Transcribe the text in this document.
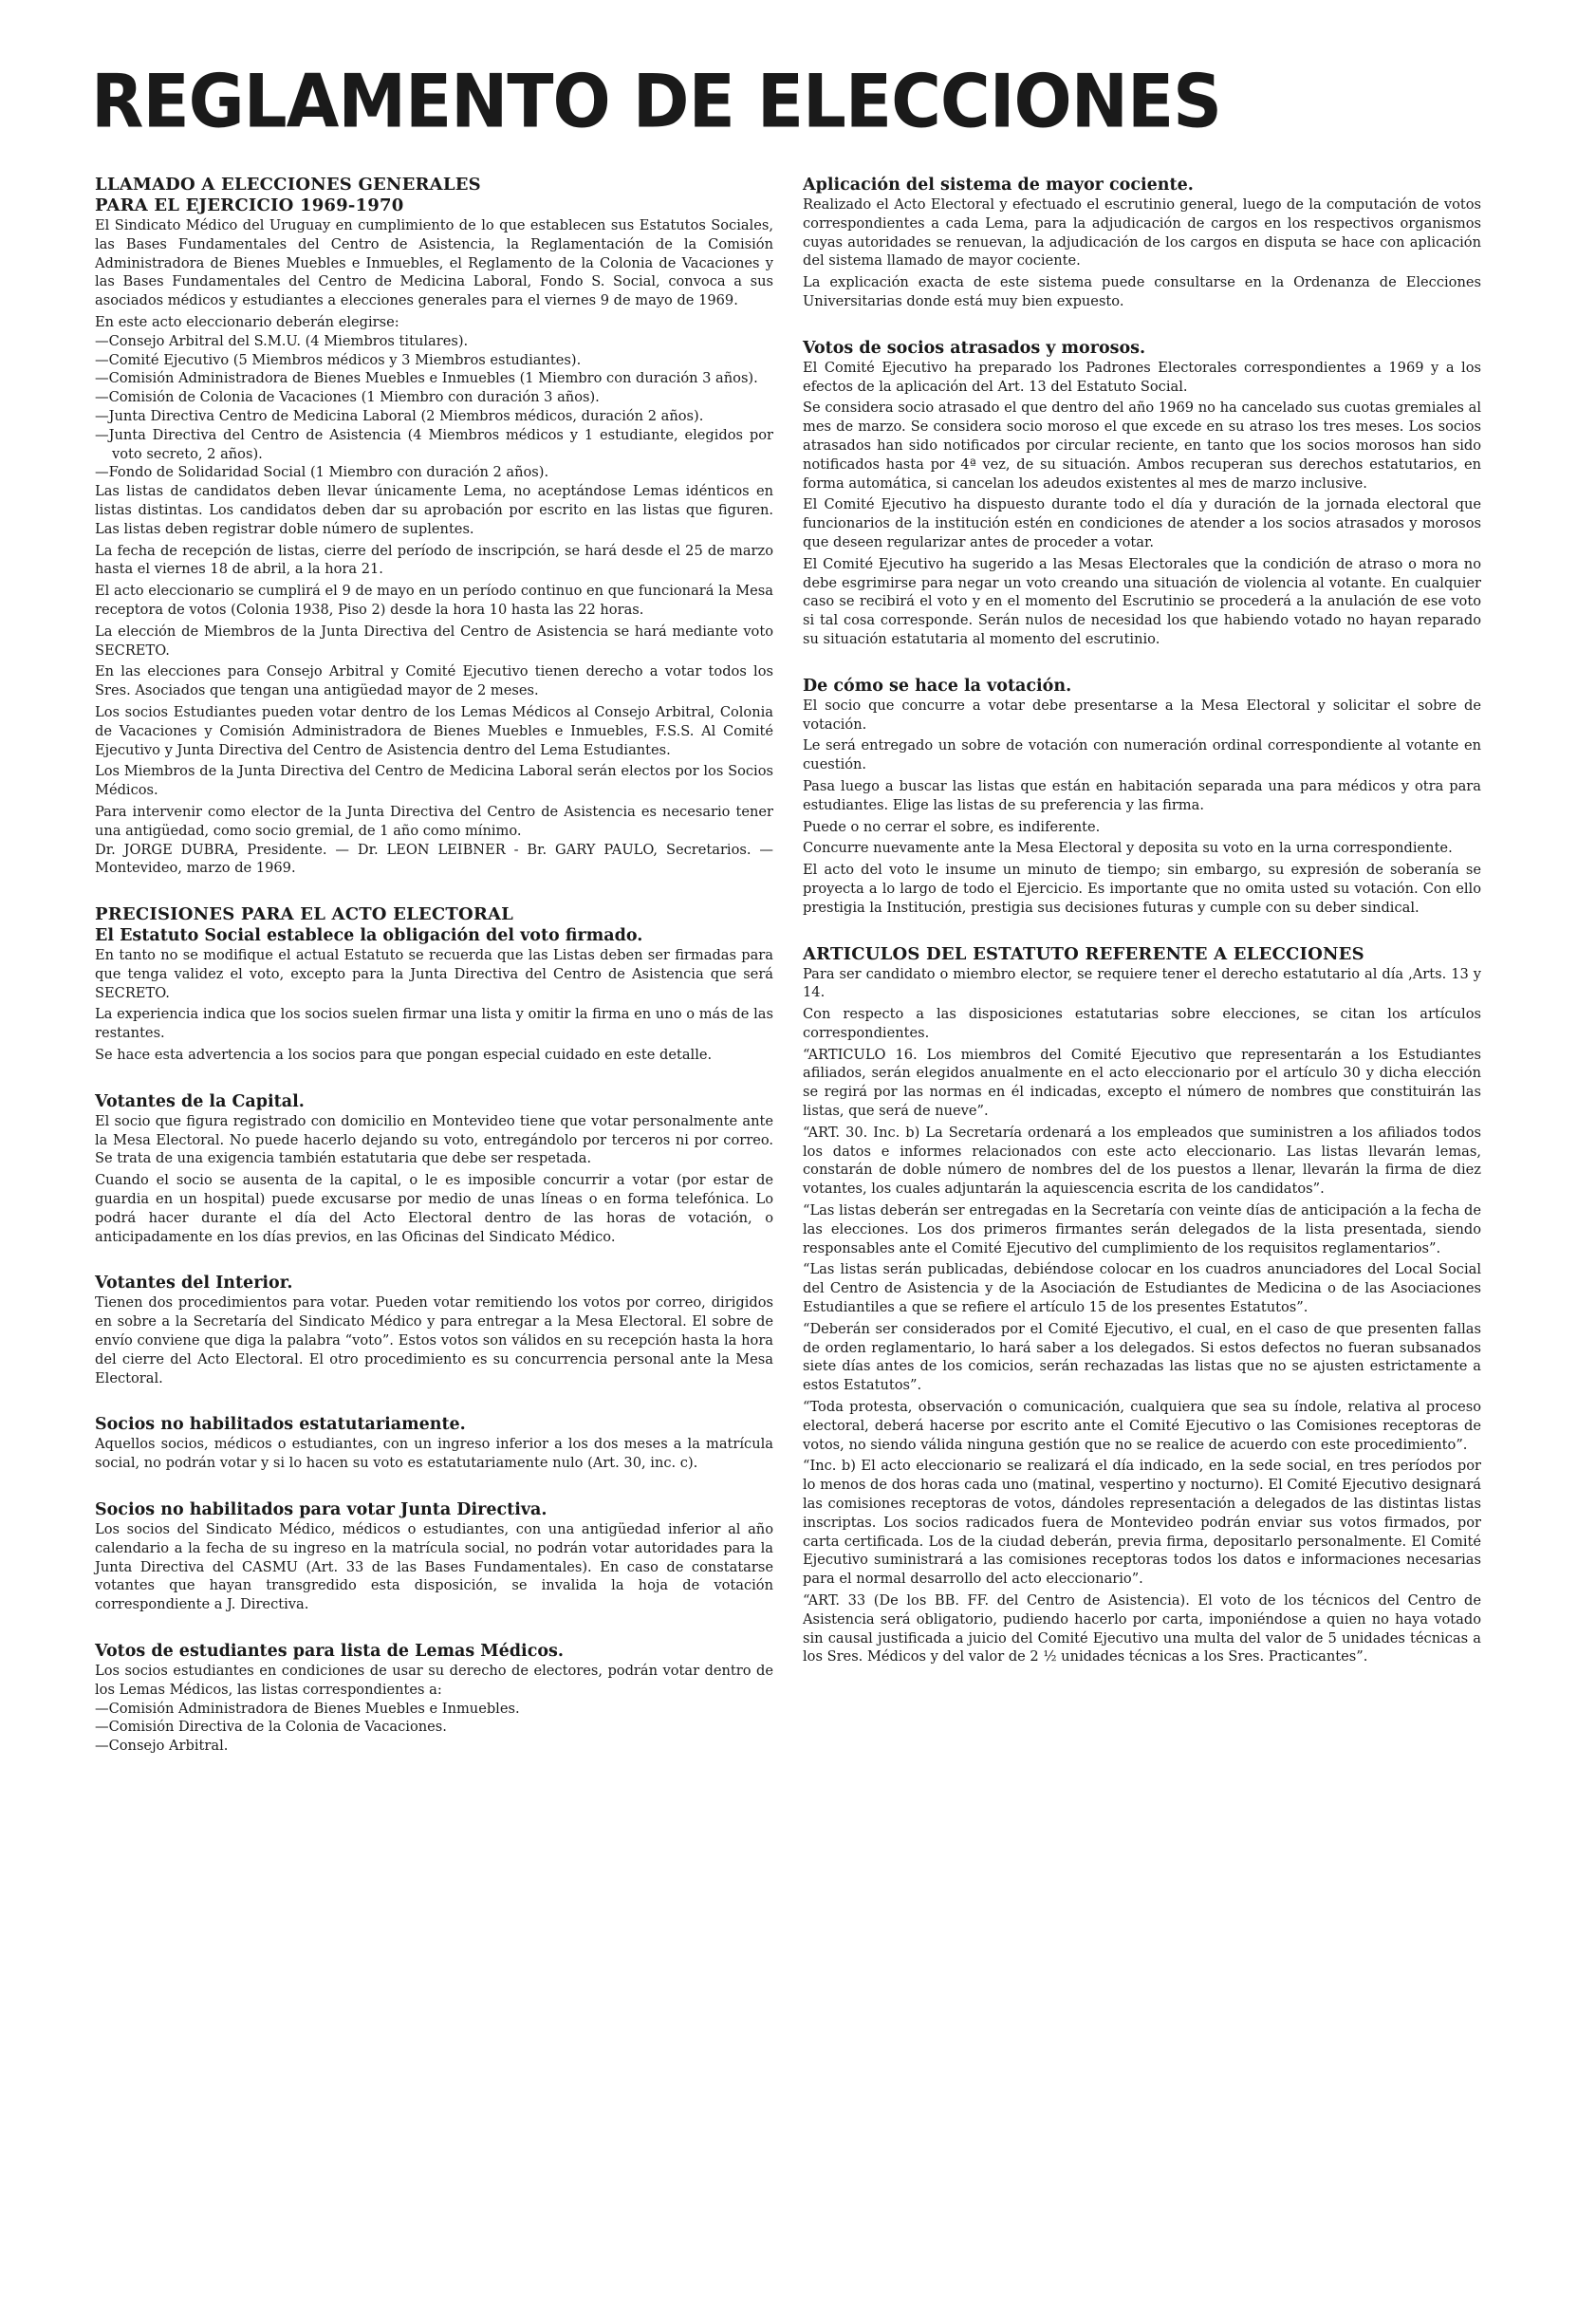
REGLAMENTO DE ELECCIONES
LLAMADO A ELECCIONES GENERALES
PARA EL EJERCICIO 1969-1970

El Sindicato Médico del Uruguay en cumplimiento de lo que establecen sus Estatutos Sociales, las Bases Fundamentales del Centro de Asistencia, la Reglamentación de la Comisión Administradora de Bienes Muebles e Inmuebles, el Reglamento de la Colonia de Vacaciones y las Bases Fundamentales del Centro de Medicina Laboral, Fondo S. Social, convoca a sus asociados médicos y estudiantes a elecciones generales para el viernes 9 de mayo de 1969.

En este acto eleccionario deberán elegirse:

—Consejo Arbitral del S.M.U. (4 Miembros titulares).

—Comité Ejecutivo (5 Miembros médicos y 3 Miembros estudiantes).

—Comisión Administradora de Bienes Muebles e Inmuebles (1 Miembro con duración 3 años).

—Comisión de Colonia de Vacaciones (1 Miembro con duración 3 años).

—Junta Directiva Centro de Medicina Laboral (2 Miembros médicos, duración 2 años).

—Junta Directiva del Centro de Asistencia (4 Miembros médicos y 1 estudiante, elegidos por voto secreto, 2 años).

—Fondo de Solidaridad Social (1 Miembro con duración 2 años).

Las listas de candidatos deben llevar únicamente Lema, no aceptándose Lemas idénticos en listas distintas. Los candidatos deben dar su aprobación por escrito en las listas que figuren. Las listas deben registrar doble número de suplentes.

La fecha de recepción de listas, cierre del período de inscripción, se hará desde el 25 de marzo hasta el viernes 18 de abril, a la hora 21.

El acto eleccionario se cumplirá el 9 de mayo en un período continuo en que funcionará la Mesa receptora de votos (Colonia 1938, Piso 2) desde la hora 10 hasta las 22 horas.

La elección de Miembros de la Junta Directiva del Centro de Asistencia se hará mediante voto SECRETO.

En las elecciones para Consejo Arbitral y Comité Ejecutivo tienen derecho a votar todos los Sres. Asociados que tengan una antigüedad mayor de 2 meses.

Los socios Estudiantes pueden votar dentro de los Lemas Médicos al Consejo Arbitral, Colonia de Vacaciones y Comisión Administradora de Bienes Muebles e Inmuebles, F.S.S. Al Comité Ejecutivo y Junta Directiva del Centro de Asistencia dentro del Lema Estudiantes.

Los Miembros de la Junta Directiva del Centro de Medicina Laboral serán electos por los Socios Médicos.

Para intervenir como elector de la Junta Directiva del Centro de Asistencia es necesario tener una antigüedad, como socio gremial, de 1 año como mínimo.

Dr. JORGE DUBRA, Presidente. — Dr. LEON LEIBNER - Br. GARY PAULO, Secretarios. — Montevideo, marzo de 1969.

PRECISIONES PARA EL ACTO ELECTORAL
El Estatuto Social establece la obligación del voto firmado.

En tanto no se modifique el actual Estatuto se recuerda que las Listas deben ser firmadas para que tenga validez el voto, excepto para la Junta Directiva del Centro de Asistencia que será SECRETO.

La experiencia indica que los socios suelen firmar una lista y omitir la firma en uno o más de las restantes.

Se hace esta advertencia a los socios para que pongan especial cuidado en este detalle.

Votantes de la Capital.

El socio que figura registrado con domicilio en Montevideo tiene que votar personalmente ante la Mesa Electoral. No puede hacerlo dejando su voto, entregándolo por terceros ni por correo. Se trata de una exigencia también estatutaria que debe ser respetada.

Cuando el socio se ausenta de la capital, o le es imposible concurrir a votar (por estar de guardia en un hospital) puede excusarse por medio de unas líneas o en forma telefónica. Lo podrá hacer durante el día del Acto Electoral dentro de las horas de votación, o anticipadamente en los días previos, en las Oficinas del Sindicato Médico.

Votantes del Interior.

Tienen dos procedimientos para votar. Pueden votar remitiendo los votos por correo, dirigidos en sobre a la Secretaría del Sindicato Médico y para entregar a la Mesa Electoral. El sobre de envío conviene que diga la palabra “voto”. Estos votos son válidos en su recepción hasta la hora del cierre del Acto Electoral. El otro procedimiento es su concurrencia personal ante la Mesa Electoral.

Socios no habilitados estatutariamente.

Aquellos socios, médicos o estudiantes, con un ingreso inferior a los dos meses a la matrícula social, no podrán votar y si lo hacen su voto es estatutariamente nulo (Art. 30, inc. c).

Socios no habilitados para votar Junta Directiva.

Los socios del Sindicato Médico, médicos o estudiantes, con una antigüedad inferior al año calendario a la fecha de su ingreso en la matrícula social, no podrán votar autoridades para la Junta Directiva del CASMU (Art. 33 de las Bases Fundamentales). En caso de constatarse votantes que hayan transgredido esta disposición, se invalida la hoja de votación correspondiente a J. Directiva.

Votos de estudiantes para lista de Lemas Médicos.

Los socios estudiantes en condiciones de usar su derecho de electores, podrán votar dentro de los Lemas Médicos, las listas correspondientes a:

—Comisión Administradora de Bienes Muebles e Inmuebles.

—Comisión Directiva de la Colonia de Vacaciones.

—Consejo Arbitral.

Aplicación del sistema de mayor cociente.

Realizado el Acto Electoral y efectuado el escrutinio general, luego de la computación de votos correspondientes a cada Lema, para la adjudicación de cargos en los respectivos organismos cuyas autoridades se renuevan, la adjudicación de los cargos en disputa se hace con aplicación del sistema llamado de mayor cociente.

La explicación exacta de este sistema puede consultarse en la Ordenanza de Elecciones Universitarias donde está muy bien expuesto.

Votos de socios atrasados y morosos.

El Comité Ejecutivo ha preparado los Padrones Electorales correspondientes a 1969 y a los efectos de la aplicación del Art. 13 del Estatuto Social.

Se considera socio atrasado el que dentro del año 1969 no ha cancelado sus cuotas gremiales al mes de marzo. Se considera socio moroso el que excede en su atraso los tres meses. Los socios atrasados han sido notificados por circular reciente, en tanto que los socios morosos han sido notificados hasta por 4ª vez, de su situación. Ambos recuperan sus derechos estatutarios, en forma automática, si cancelan los adeudos existentes al mes de marzo inclusive.

El Comité Ejecutivo ha dispuesto durante todo el día y duración de la jornada electoral que funcionarios de la institución estén en condiciones de atender a los socios atrasados y morosos que deseen regularizar antes de proceder a votar.

El Comité Ejecutivo ha sugerido a las Mesas Electorales que la condición de atraso o mora no debe esgrimirse para negar un voto creando una situación de violencia al votante. En cualquier caso se recibirá el voto y en el momento del Escrutinio se procederá a la anulación de ese voto si tal cosa corresponde. Serán nulos de necesidad los que habiendo votado no hayan reparado su situación estatutaria al momento del escrutinio.

De cómo se hace la votación.

El socio que concurre a votar debe presentarse a la Mesa Electoral y solicitar el sobre de votación.

Le será entregado un sobre de votación con numeración ordinal correspondiente al votante en cuestión.

Pasa luego a buscar las listas que están en habitación separada una para médicos y otra para estudiantes. Elige las listas de su preferencia y las firma.

Puede o no cerrar el sobre, es indiferente.

Concurre nuevamente ante la Mesa Electoral y deposita su voto en la urna correspondiente.

El acto del voto le insume un minuto de tiempo; sin embargo, su expresión de soberanía se proyecta a lo largo de todo el Ejercicio. Es importante que no omita usted su votación. Con ello prestigia la Institución, prestigia sus decisiones futuras y cumple con su deber sindical.

ARTICULOS DEL ESTATUTO REFERENTE A ELECCIONES

Para ser candidato o miembro elector, se requiere tener el derecho estatutario al día ,Arts. 13 y 14.

Con respecto a las disposiciones estatutarias sobre elecciones, se citan los artículos correspondientes.

“ARTICULO 16. Los miembros del Comité Ejecutivo que representarán a los Estudiantes afiliados, serán elegidos anualmente en el acto eleccionario por el artículo 30 y dicha elección se regirá por las normas en él indicadas, excepto el número de nombres que constituirán las listas, que será de nueve”.

“ART. 30. Inc. b) La Secretaría ordenará a los empleados que suministren a los afiliados todos los datos e informes relacionados con este acto eleccionario. Las listas llevarán lemas, constarán de doble número de nombres del de los puestos a llenar, llevarán la firma de diez votantes, los cuales adjuntarán la aquiescencia escrita de los candidatos”.

“Las listas deberán ser entregadas en la Secretaría con veinte días de anticipación a la fecha de las elecciones. Los dos primeros firmantes serán delegados de la lista presentada, siendo responsables ante el Comité Ejecutivo del cumplimiento de los requisitos reglamentarios”.

“Las listas serán publicadas, debiéndose colocar en los cuadros anunciadores del Local Social del Centro de Asistencia y de la Asociación de Estudiantes de Medicina o de las Asociaciones Estudiantiles a que se refiere el artículo 15 de los presentes Estatutos”.

“Deberán ser considerados por el Comité Ejecutivo, el cual, en el caso de que presenten fallas de orden reglamentario, lo hará saber a los delegados. Si estos defectos no fueran subsanados siete días antes de los comicios, serán rechazadas las listas que no se ajusten estrictamente a estos Estatutos”.

“Toda protesta, observación o comunicación, cualquiera que sea su índole, relativa al proceso electoral, deberá hacerse por escrito ante el Comité Ejecutivo o las Comisiones receptoras de votos, no siendo válida ninguna gestión que no se realice de acuerdo con este procedimiento”.

“Inc. b) El acto eleccionario se realizará el día indicado, en la sede social, en tres períodos por lo menos de dos horas cada uno (matinal, vespertino y nocturno). El Comité Ejecutivo designará las comisiones receptoras de votos, dándoles representación a delegados de las distintas listas inscriptas. Los socios radicados fuera de Montevideo podrán enviar sus votos firmados, por carta certificada. Los de la ciudad deberán, previa firma, depositarlo personalmente. El Comité Ejecutivo suministrará a las comisiones receptoras todos los datos e informaciones necesarias para el normal desarrollo del acto eleccionario”.

“ART. 33 (De los BB. FF. del Centro de Asistencia). El voto de los técnicos del Centro de Asistencia será obligatorio, pudiendo hacerlo por carta, imponiéndose a quien no haya votado sin causal justificada a juicio del Comité Ejecutivo una multa del valor de 5 unidades técnicas a los Sres. Médicos y del valor de 2 ½ unidades técnicas a los Sres. Practicantes”.
